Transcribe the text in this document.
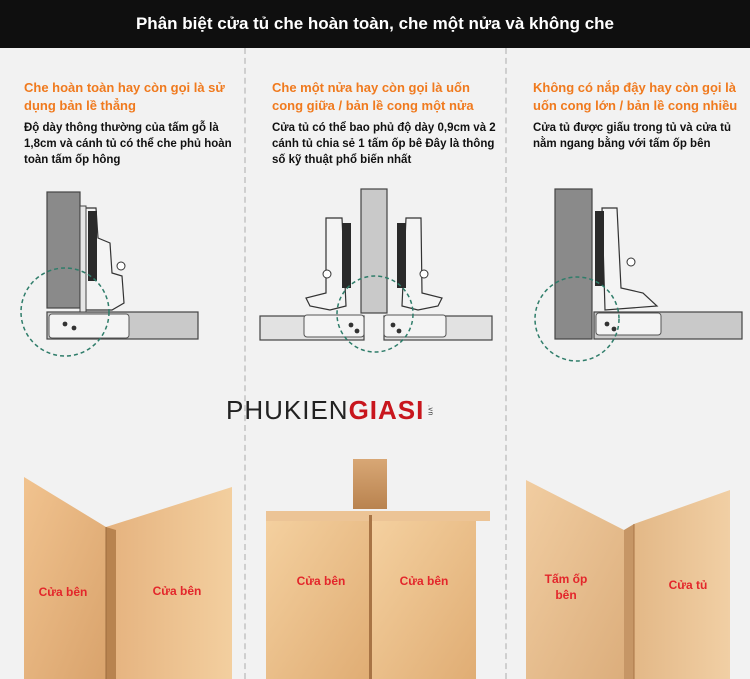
Phân biệt cửa tủ che hoàn toàn, che một nửa và không che
Che hoàn toàn hay còn gọi là sử dụng bản lề thẳng
Độ dày thông thường của tấm gỗ là 1,8cm và cánh tủ có thể che phủ hoàn toàn tấm ốp hông
Che một nửa hay còn gọi là uốn cong giữa / bản lề cong một nửa
Cửa tủ có thể bao phủ độ dày 0,9cm và 2 cánh tủ chia sẻ 1 tấm ốp bê Đây là thông số kỹ thuật phổ biến nhất
Không có nắp đậy hay còn gọi là uốn cong lớn / bản lề cong nhiều
Cửa tủ được giấu trong tủ và cửa tủ nằm ngang bằng với tấm ốp bên
PHUKIEN GIASI .vn
Cửa bên	Cửa bên
Cửa bên	Cửa bên	Tấm ốp bên
Cửa tủ
